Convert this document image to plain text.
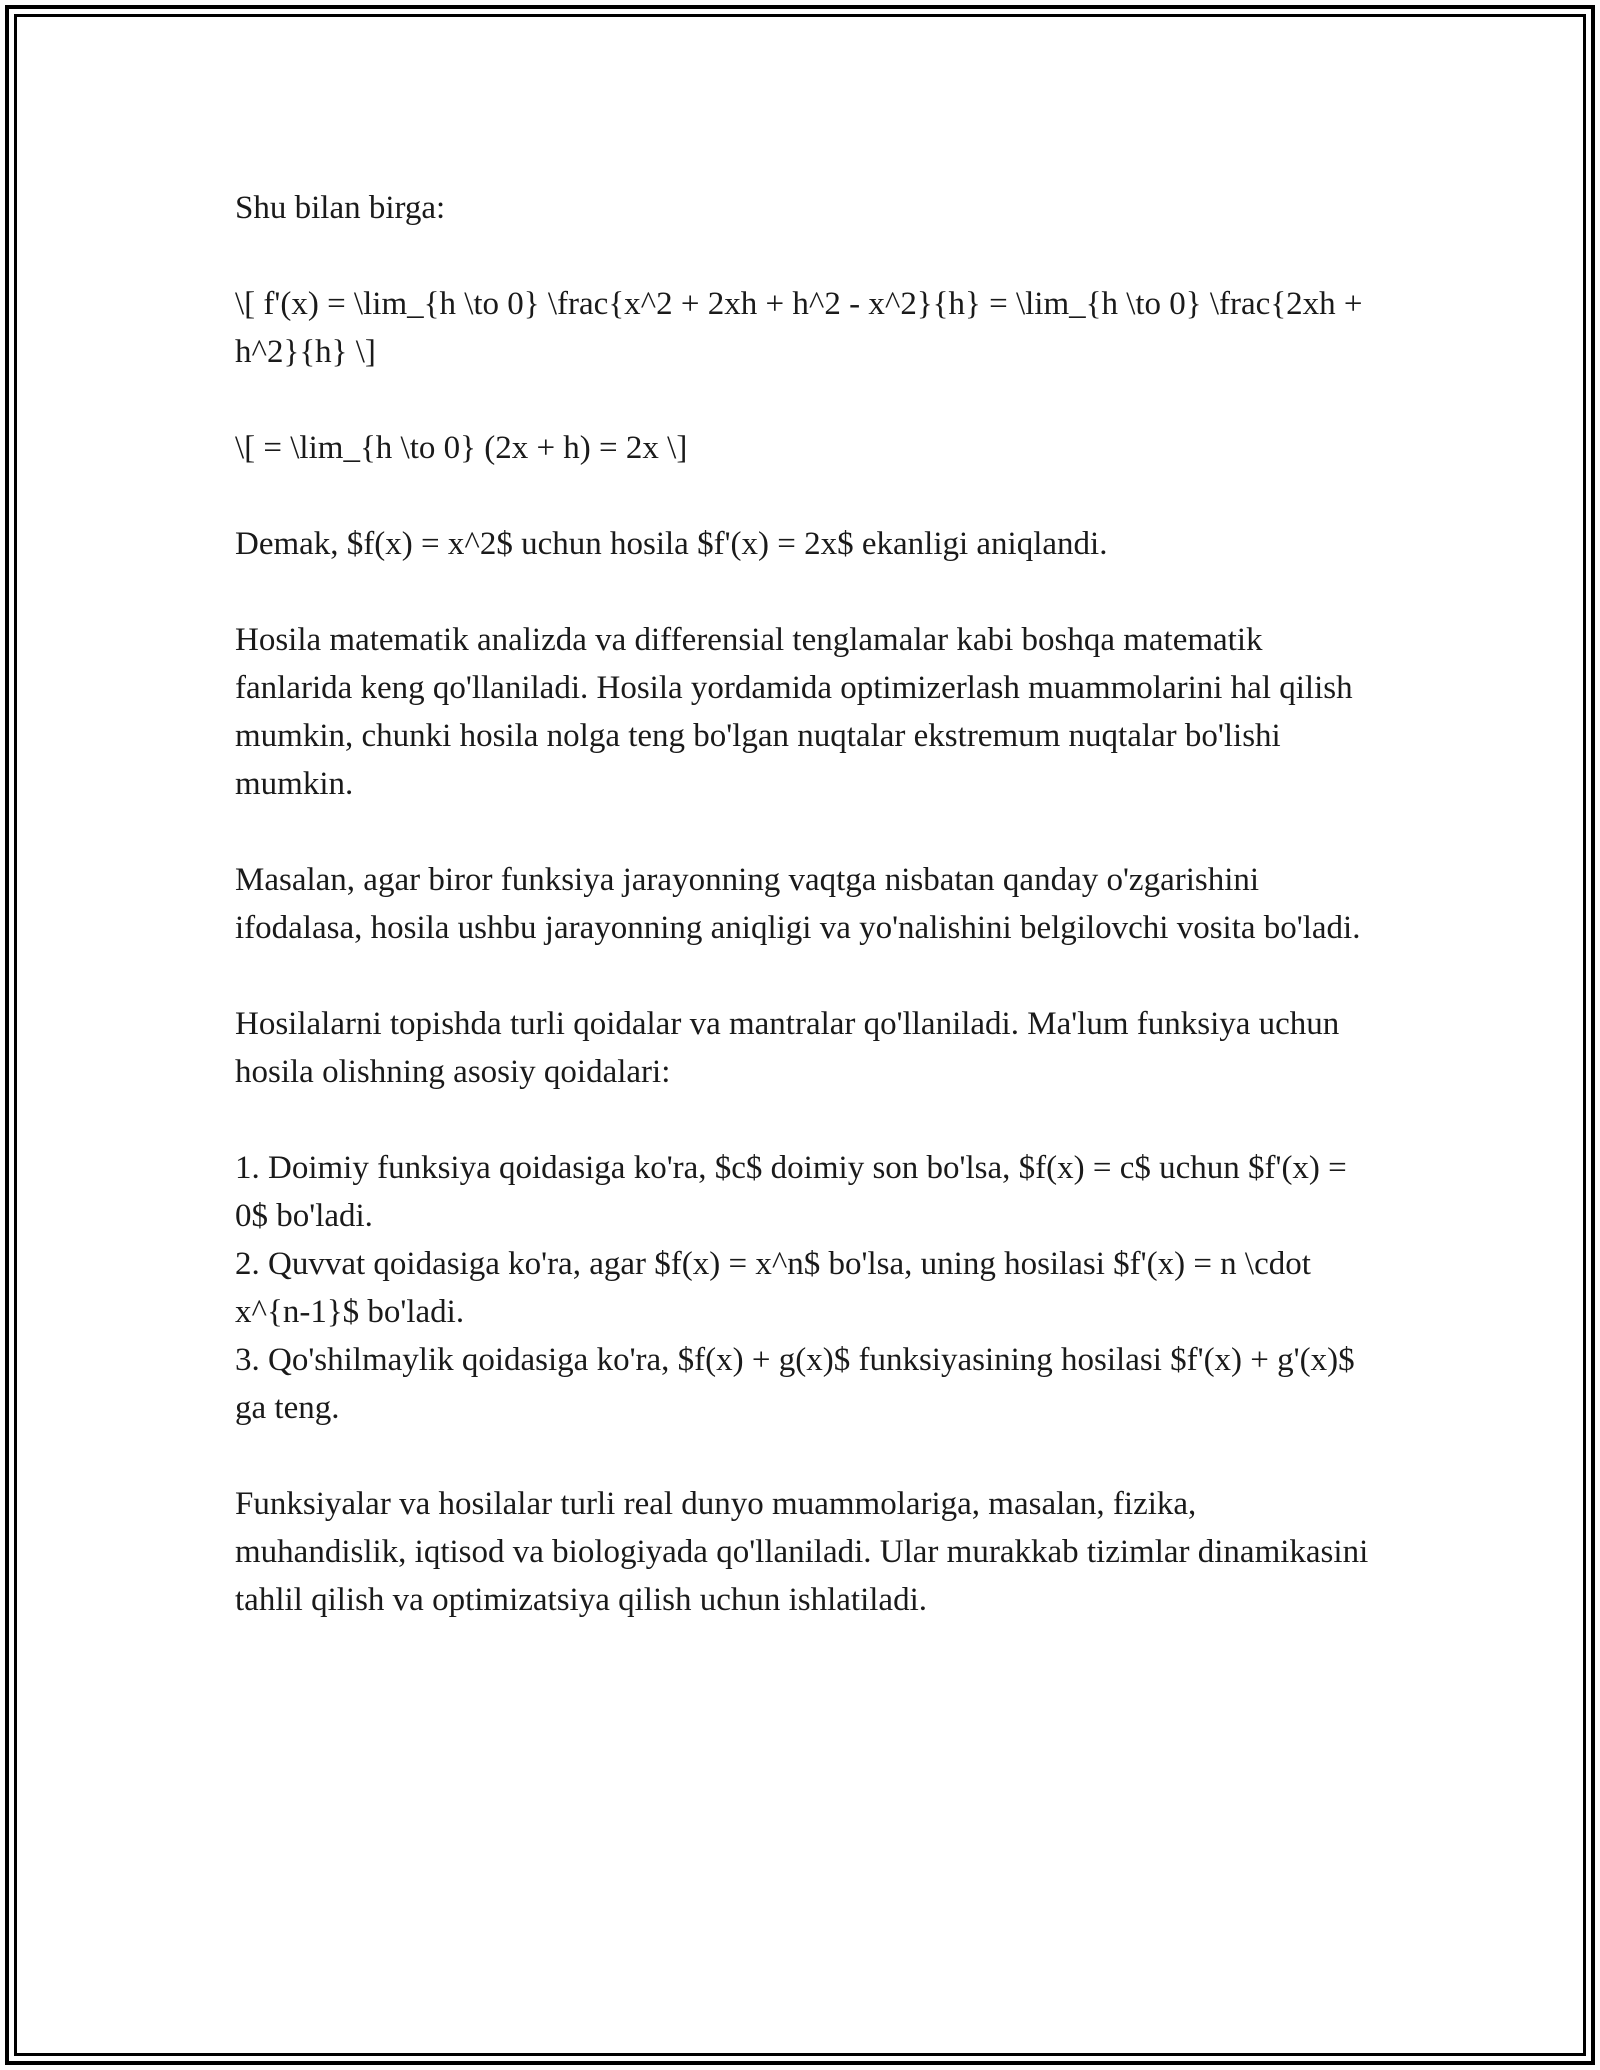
Shu bilan birga:

\[ f'(x) = \lim_{h \to 0} \frac{x^2 + 2xh + h^2 - x^2}{h} = \lim_{h \to 0} \frac{2xh + h^2}{h} \]

\[ = \lim_{h \to 0} (2x + h) = 2x \]

Demak, $f(x) = x^2$ uchun hosila $f'(x) = 2x$ ekanligi aniqlandi.

Hosila matematik analizda va differensial tenglamalar kabi boshqa matematik fanlarida keng qo'llaniladi. Hosila yordamida optimizerlash muammolarini hal qilish mumkin, chunki hosila nolga teng bo'lgan nuqtalar ekstremum nuqtalar bo'lishi mumkin.

Masalan, agar biror funksiya jarayonning vaqtga nisbatan qanday o'zgarishini ifodalasa, hosila ushbu jarayonning aniqligi va yo'nalishini belgilovchi vosita bo'ladi.

Hosilalarni topishda turli qoidalar va mantralar qo'llaniladi. Ma'lum funksiya uchun hosila olishning asosiy qoidalari:

1. Doimiy funksiya qoidasiga ko'ra, $c$ doimiy son bo'lsa, $f(x) = c$ uchun $f'(x) = 0$ bo'ladi.
2. Quvvat qoidasiga ko'ra, agar $f(x) = x^n$ bo'lsa, uning hosilasi $f'(x) = n \cdot x^{n-1}$ bo'ladi.
3. Qo'shilmaylik qoidasiga ko'ra, $f(x) + g(x)$ funksiyasining hosilasi $f'(x) + g'(x)$ ga teng.

Funksiyalar va hosilalar turli real dunyo muammolariga, masalan, fizika, muhandislik, iqtisod va biologiyada qo'llaniladi. Ular murakkab tizimlar dinamikasini tahlil qilish va optimizatsiya qilish uchun ishlatiladi.
